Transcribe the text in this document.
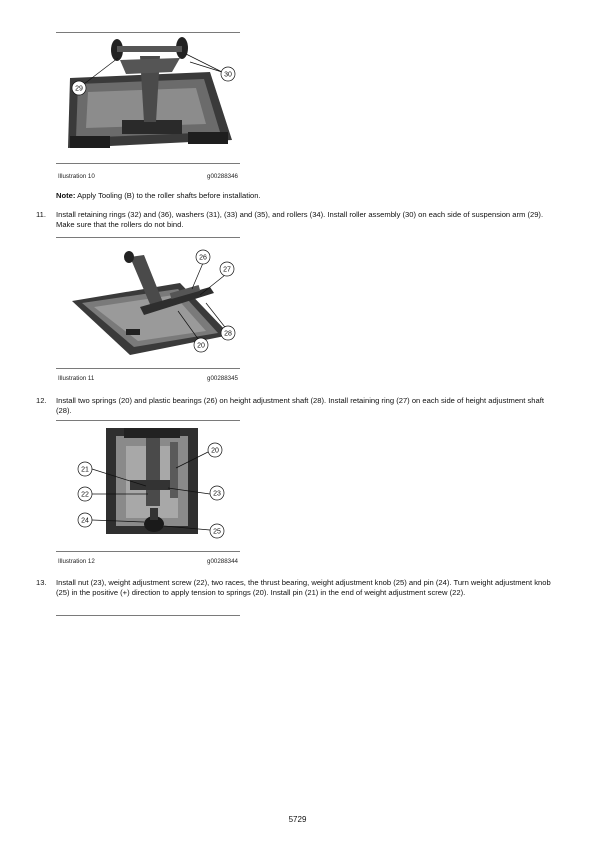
29
30
Illustration 10	g00288346
Note: Apply Tooling (B) to the roller shafts before installation.
11.	Install retaining rings (32) and (36), washers (31), (33) and (35), and rollers (34). Install roller assembly (30) on each side of suspension arm (29). Make sure that the rollers do not bind.
26
27
28
20
Illustration 11	g00288345
12.	Install two springs (20) and plastic bearings (26) on height adjustment shaft (28). Install retaining ring (27) on each side of height adjustment shaft (28).
20
21
22	23
24
25
Illustration 12	g00288344
13.	Install nut (23), weight adjustment screw (22), two races, the thrust bearing, weight adjustment knob (25) and pin (24). Turn weight adjustment knob (25) in the positive (+) direction to apply tension to springs (20). Install pin (21) in the end of weight adjustment screw (22).
5729
